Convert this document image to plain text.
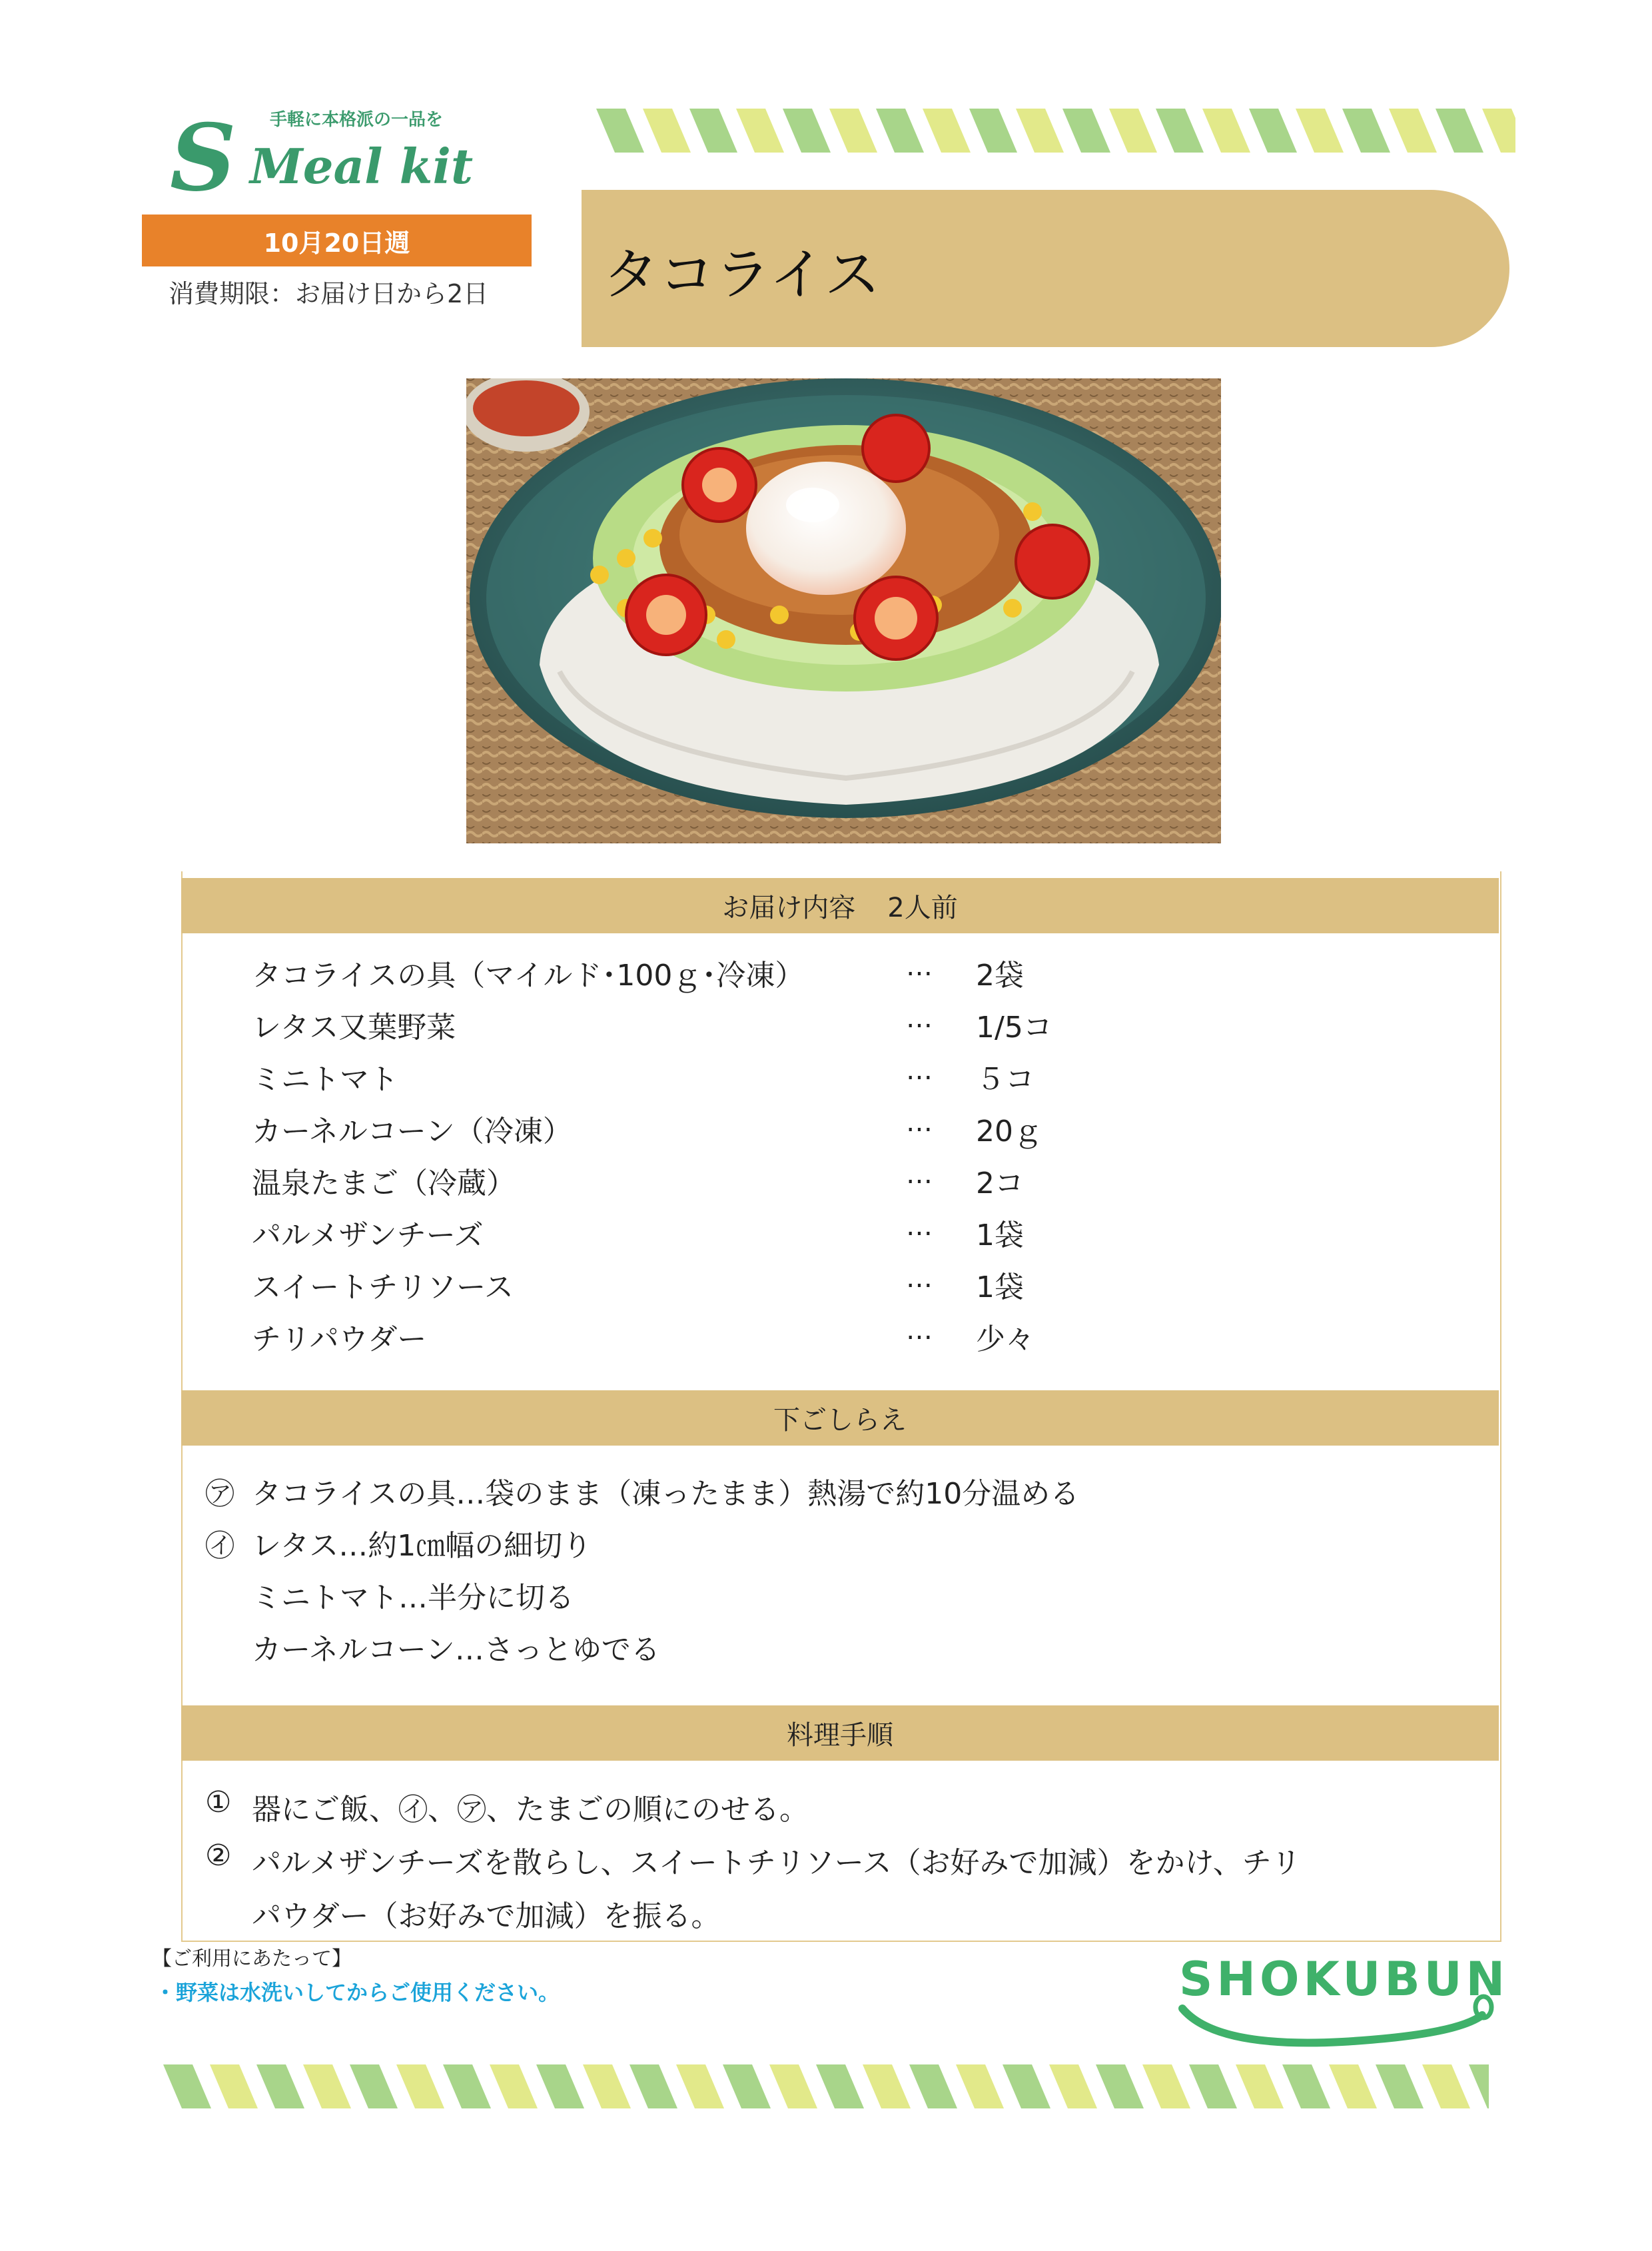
手軽に本格派の一品を
S Meal kit
10月20日週
消費期限：お届け日から2日 タコライス
お届け内容 2人前
タコライスの具（マイルド･100ｇ･冷凍）	… 2袋
レタス又葉野菜	… 1/5コ
ミニトマト	… ５コ
カーネルコーン（冷凍）	… 20ｇ
温泉たまご（冷蔵）	… 2コ
パルメザンチーズ	… 1袋
スイートチリソース	… 1袋
チリパウダー	… 少々
下ごしらえ
㋐ タコライスの具…袋のまま（凍ったまま）熱湯で約10分温める
㋑ レタス…約1㎝幅の細切り
ミニトマト…半分に切る
カーネルコーン…さっとゆでる
料理手順
① 器にご飯、㋑、㋐、たまごの順にのせる。
② パルメザンチーズを散らし、スイートチリソース（お好みで加減）をかけ、チリ
パウダー（お好みで加減）を振る。
【ご利用にあたって】
・野菜は水洗いしてからご使用ください。	SHOKUBUN
